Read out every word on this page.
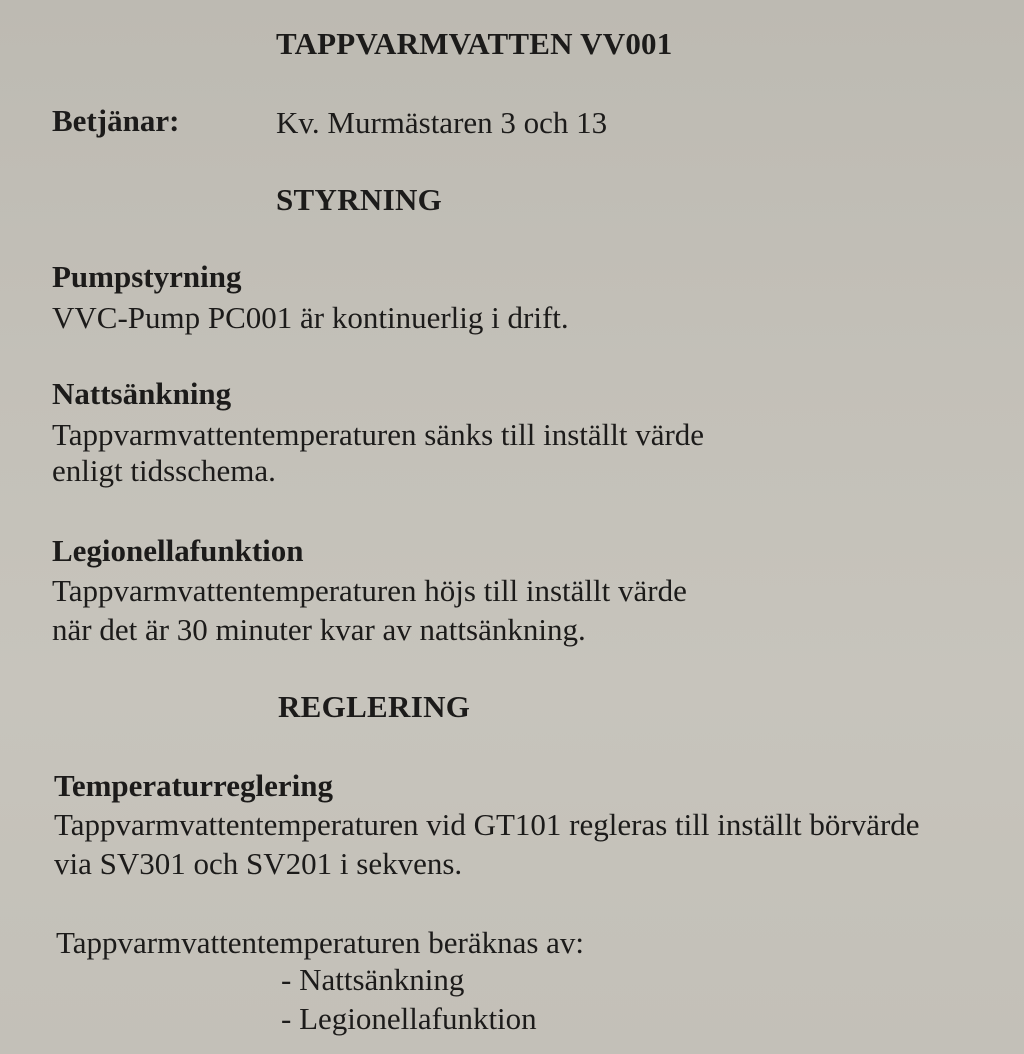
TAPPVARMVATTEN VV001
Betjänar:	Kv. Murmästaren 3 och 13
STYRNING
Pumpstyrning
VVC-Pump PC001 är kontinuerlig i drift.
Nattsänkning
Tappvarmvattentemperaturen sänks till inställt värde
enligt tidsschema.
Legionellafunktion
Tappvarmvattentemperaturen höjs till inställt värde
när det är 30 minuter kvar av nattsänkning.
REGLERING
Temperaturreglering
Tappvarmvattentemperaturen vid GT101 regleras till inställt börvärde
via SV301 och SV201 i sekvens.
Tappvarmvattentemperaturen beräknas av:
- Nattsänkning
- Legionellafunktion
